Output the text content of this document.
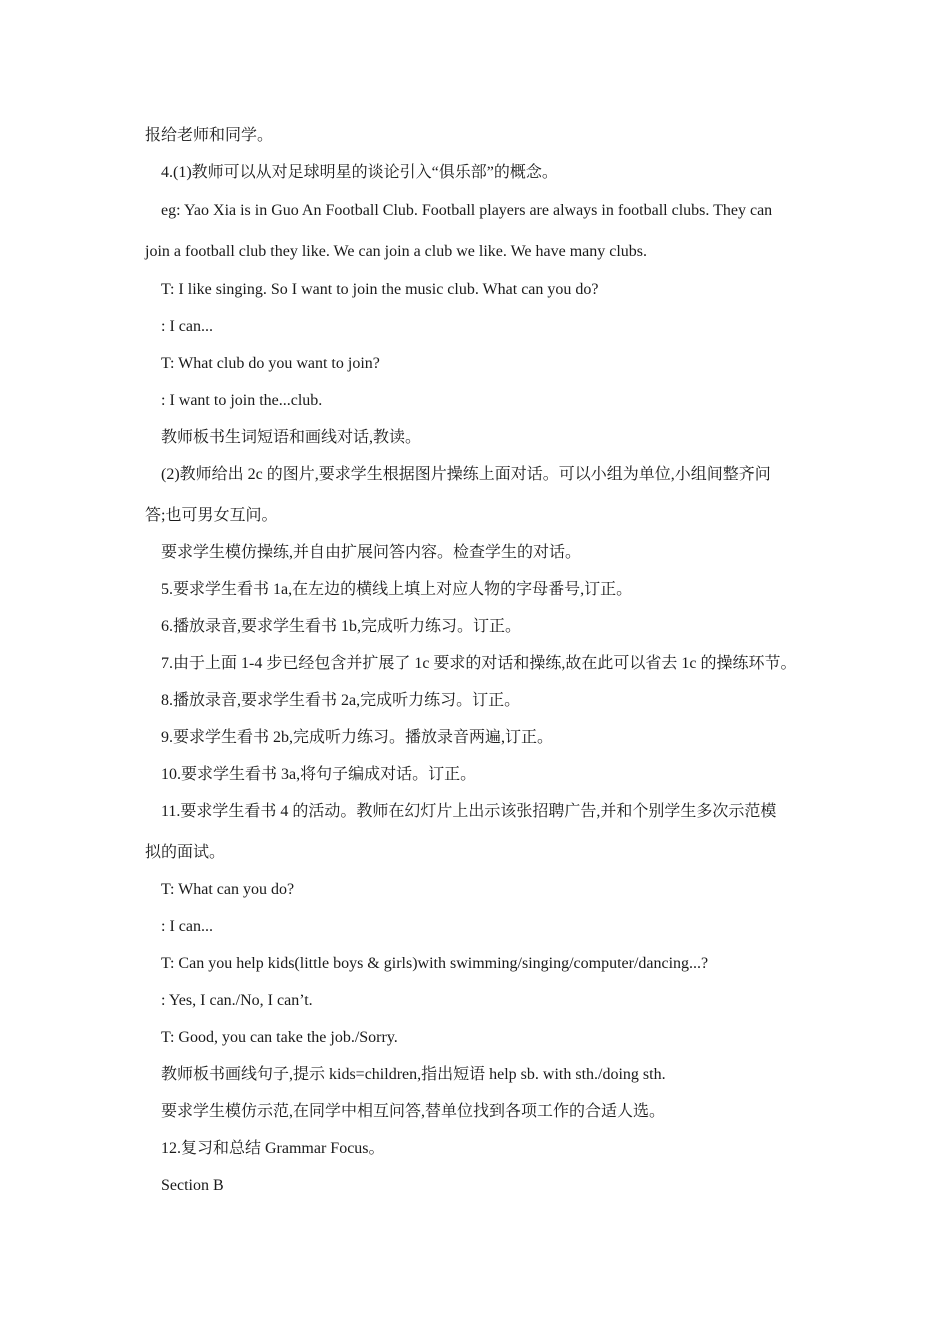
报给老师和同学。
4.(1)教师可以从对足球明星的谈论引入“俱乐部”的概念。
eg: Yao Xia is in Guo An Football Club. Football players are always in football clubs. They can
join a football club they like. We can join a club we like. We have many clubs.
T: I like singing. So I want to join the music club. What can you do?
: I can...
T: What club do you want to join?
: I want to join the...club.
教师板书生词短语和画线对话,教读。
(2)教师给出 2c 的图片,要求学生根据图片操练上面对话。可以小组为单位,小组间整齐问
答;也可男女互问。
要求学生模仿操练,并自由扩展问答内容。检查学生的对话。
5.要求学生看书 1a,在左边的横线上填上对应人物的字母番号,订正。
6.播放录音,要求学生看书 1b,完成听力练习。订正。
7.由于上面 1-4 步已经包含并扩展了 1c 要求的对话和操练,故在此可以省去 1c 的操练环节。
8.播放录音,要求学生看书 2a,完成听力练习。订正。
9.要求学生看书 2b,完成听力练习。播放录音两遍,订正。
10.要求学生看书 3a,将句子编成对话。订正。
11.要求学生看书 4 的活动。教师在幻灯片上出示该张招聘广告,并和个别学生多次示范模
拟的面试。
T: What can you do?
: I can...
T: Can you help kids(little boys & girls)with swimming/singing/computer/dancing...?
: Yes, I can./No, I can’t.
T: Good, you can take the job./Sorry.
教师板书画线句子,提示 kids=children,指出短语 help sb. with sth./doing sth.
要求学生模仿示范,在同学中相互问答,替单位找到各项工作的合适人选。
12.复习和总结 Grammar Focus。
Section B
